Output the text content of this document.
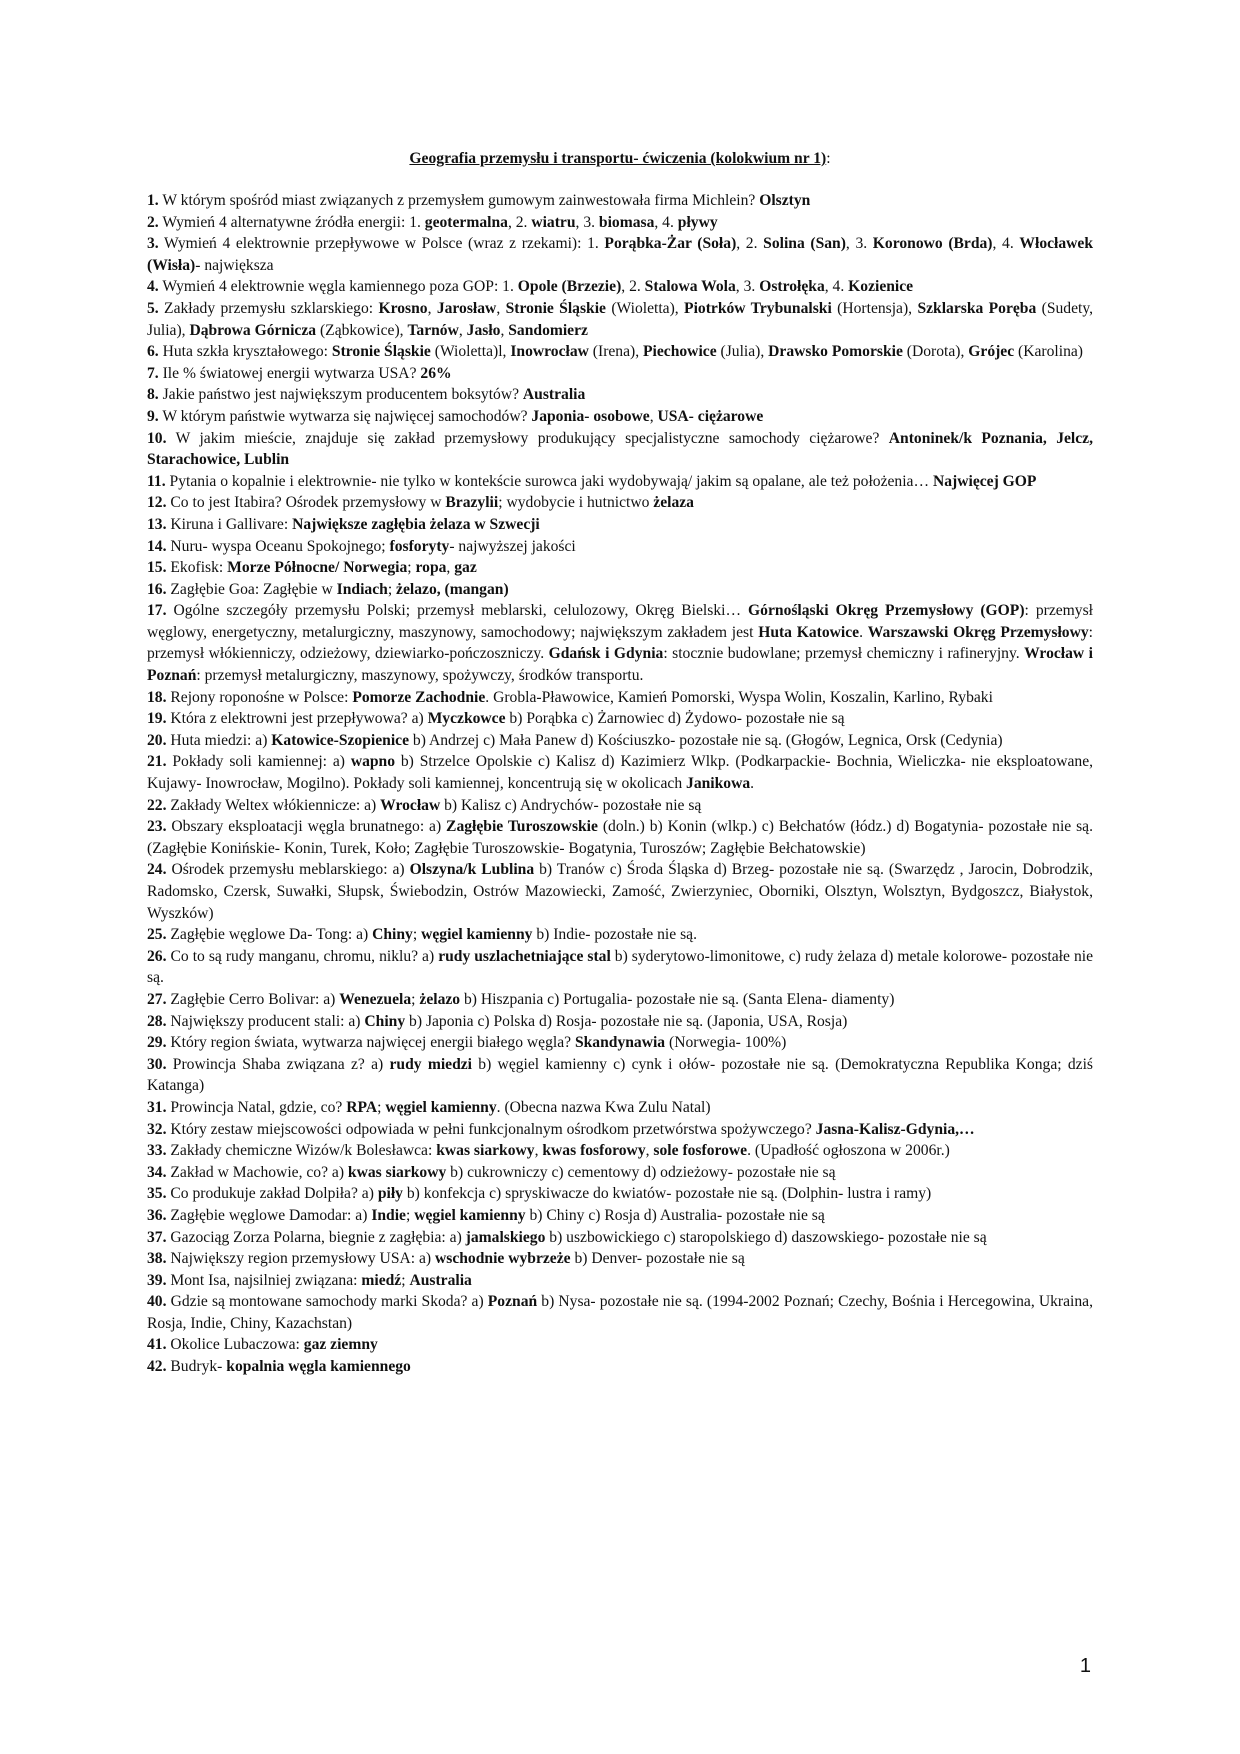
Geografia przemysłu i transportu- ćwiczenia (kolokwium nr 1):

1. W którym spośród miast związanych z przemysłem gumowym zainwestowała firma Michlein? Olsztyn

2. Wymień 4 alternatywne źródła energii: 1. geotermalna, 2. wiatru, 3. biomasa, 4. pływy

3. Wymień 4 elektrownie przepływowe w Polsce (wraz z rzekami): 1. Porąbka-Żar (Soła), 2. Solina (San), 3. Koronowo (Brda), 4. Włocławek (Wisła)- największa

4. Wymień 4 elektrownie węgla kamiennego poza GOP: 1. Opole (Brzezie), 2. Stalowa Wola, 3. Ostrołęka, 4. Kozienice

5. Zakłady przemysłu szklarskiego: Krosno, Jarosław, Stronie Śląskie (Wioletta), Piotrków Trybunalski (Hortensja), Szklarska Poręba (Sudety, Julia), Dąbrowa Górnicza (Ząbkowice), Tarnów, Jasło, Sandomierz

6. Huta szkła kryształowego: Stronie Śląskie (Wioletta)l, Inowrocław (Irena), Piechowice (Julia), Drawsko Pomorskie (Dorota), Grójec (Karolina)

7. Ile % światowej energii wytwarza USA? 26%

8. Jakie państwo jest największym producentem boksytów? Australia

9. W którym państwie wytwarza się najwięcej samochodów? Japonia- osobowe, USA- ciężarowe

10. W jakim mieście, znajduje się zakład przemysłowy produkujący specjalistyczne samochody ciężarowe? Antoninek/k Poznania, Jelcz, Starachowice, Lublin

11. Pytania o kopalnie i elektrownie- nie tylko w kontekście surowca jaki wydobywają/ jakim są opalane, ale też położenia… Najwięcej GOP

12. Co to jest Itabira? Ośrodek przemysłowy w Brazylii; wydobycie i hutnictwo żelaza

13. Kiruna i Gallivare: Największe zagłębia żelaza w Szwecji

14. Nuru- wyspa Oceanu Spokojnego; fosforyty- najwyższej jakości

15. Ekofisk: Morze Północne/ Norwegia; ropa, gaz

16. Zagłębie Goa: Zagłębie w Indiach; żelazo, (mangan)

17. Ogólne szczegóły przemysłu Polski; przemysł meblarski, celulozowy, Okręg Bielski… Górnośląski Okręg Przemysłowy (GOP): przemysł węglowy, energetyczny, metalurgiczny, maszynowy, samochodowy; największym zakładem jest Huta Katowice. Warszawski Okręg Przemysłowy: przemysł włókienniczy, odzieżowy, dziewiarko-pończoszniczy. Gdańsk i Gdynia: stocznie budowlane; przemysł chemiczny i rafineryjny. Wrocław i Poznań: przemysł metalurgiczny, maszynowy, spożywczy, środków transportu.

18. Rejony roponośne w Polsce: Pomorze Zachodnie. Grobla-Pławowice, Kamień Pomorski, Wyspa Wolin, Koszalin, Karlino, Rybaki

19. Która z elektrowni jest przepływowa? a) Myczkowce b) Porąbka c) Żarnowiec d) Żydowo- pozostałe nie są

20. Huta miedzi: a) Katowice-Szopienice b) Andrzej c) Mała Panew d) Kościuszko- pozostałe nie są. (Głogów, Legnica, Orsk (Cedynia)

21. Pokłady soli kamiennej: a) wapno b) Strzelce Opolskie c) Kalisz d) Kazimierz Wlkp. (Podkarpackie- Bochnia, Wieliczka- nie eksploatowane, Kujawy- Inowrocław, Mogilno). Pokłady soli kamiennej, koncentrują się w okolicach Janikowa.

22. Zakłady Weltex włókiennicze: a) Wrocław b) Kalisz c) Andrychów- pozostałe nie są

23. Obszary eksploatacji węgla brunatnego: a) Zagłębie Turoszowskie (doln.) b) Konin (wlkp.) c) Bełchatów (łódz.) d) Bogatynia- pozostałe nie są. (Zagłębie Konińskie- Konin, Turek, Koło; Zagłębie Turoszowskie- Bogatynia, Turoszów; Zagłębie Bełchatowskie)

24. Ośrodek przemysłu meblarskiego: a) Olszyna/k Lublina b) Tranów c) Środa Śląska d) Brzeg- pozostałe nie są. (Swarzędz , Jarocin, Dobrodzik, Radomsko, Czersk, Suwałki, Słupsk, Świebodzin, Ostrów Mazowiecki, Zamość, Zwierzyniec, Oborniki, Olsztyn, Wolsztyn, Bydgoszcz, Białystok, Wyszków)

25. Zagłębie węglowe Da- Tong: a) Chiny; węgiel kamienny b) Indie- pozostałe nie są.

26. Co to są rudy manganu, chromu, niklu? a) rudy uszlachetniające stal b) syderytowo-limonitowe, c) rudy żelaza d) metale kolorowe- pozostałe nie są.

27. Zagłębie Cerro Bolivar: a) Wenezuela; żelazo b) Hiszpania c) Portugalia- pozostałe nie są. (Santa Elena- diamenty)

28. Największy producent stali: a) Chiny b) Japonia c) Polska d) Rosja- pozostałe nie są. (Japonia, USA, Rosja)

29. Który region świata, wytwarza najwięcej energii białego węgla? Skandynawia (Norwegia- 100%)

30. Prowincja Shaba związana z? a) rudy miedzi b) węgiel kamienny c) cynk i ołów- pozostałe nie są. (Demokratyczna Republika Konga; dziś Katanga)

31. Prowincja Natal, gdzie, co? RPA; węgiel kamienny. (Obecna nazwa Kwa Zulu Natal)

32. Który zestaw miejscowości odpowiada w pełni funkcjonalnym ośrodkom przetwórstwa spożywczego? Jasna-Kalisz-Gdynia,…

33. Zakłady chemiczne Wizów/k Bolesławca: kwas siarkowy, kwas fosforowy, sole fosforowe. (Upadłość ogłoszona w 2006r.)

34. Zakład w Machowie, co? a) kwas siarkowy b) cukrowniczy c) cementowy d) odzieżowy- pozostałe nie są

35. Co produkuje zakład Dolpiła? a) piły b) konfekcja c) spryskiwacze do kwiatów- pozostałe nie są. (Dolphin- lustra i ramy)

36. Zagłębie węglowe Damodar: a) Indie; węgiel kamienny b) Chiny c) Rosja d) Australia- pozostałe nie są

37. Gazociąg Zorza Polarna, biegnie z zagłębia: a) jamalskiego b) uszbowickiego c) staropolskiego d) daszowskiego- pozostałe nie są

38. Największy region przemysłowy USA: a) wschodnie wybrzeże b) Denver- pozostałe nie są

39. Mont Isa, najsilniej związana: miedź; Australia

40. Gdzie są montowane samochody marki Skoda? a) Poznań b) Nysa- pozostałe nie są. (1994-2002 Poznań; Czechy, Bośnia i Hercegowina, Ukraina, Rosja, Indie, Chiny, Kazachstan)

41. Okolice Lubaczowa: gaz ziemny

42. Budryk- kopalnia węgla kamiennego

1
